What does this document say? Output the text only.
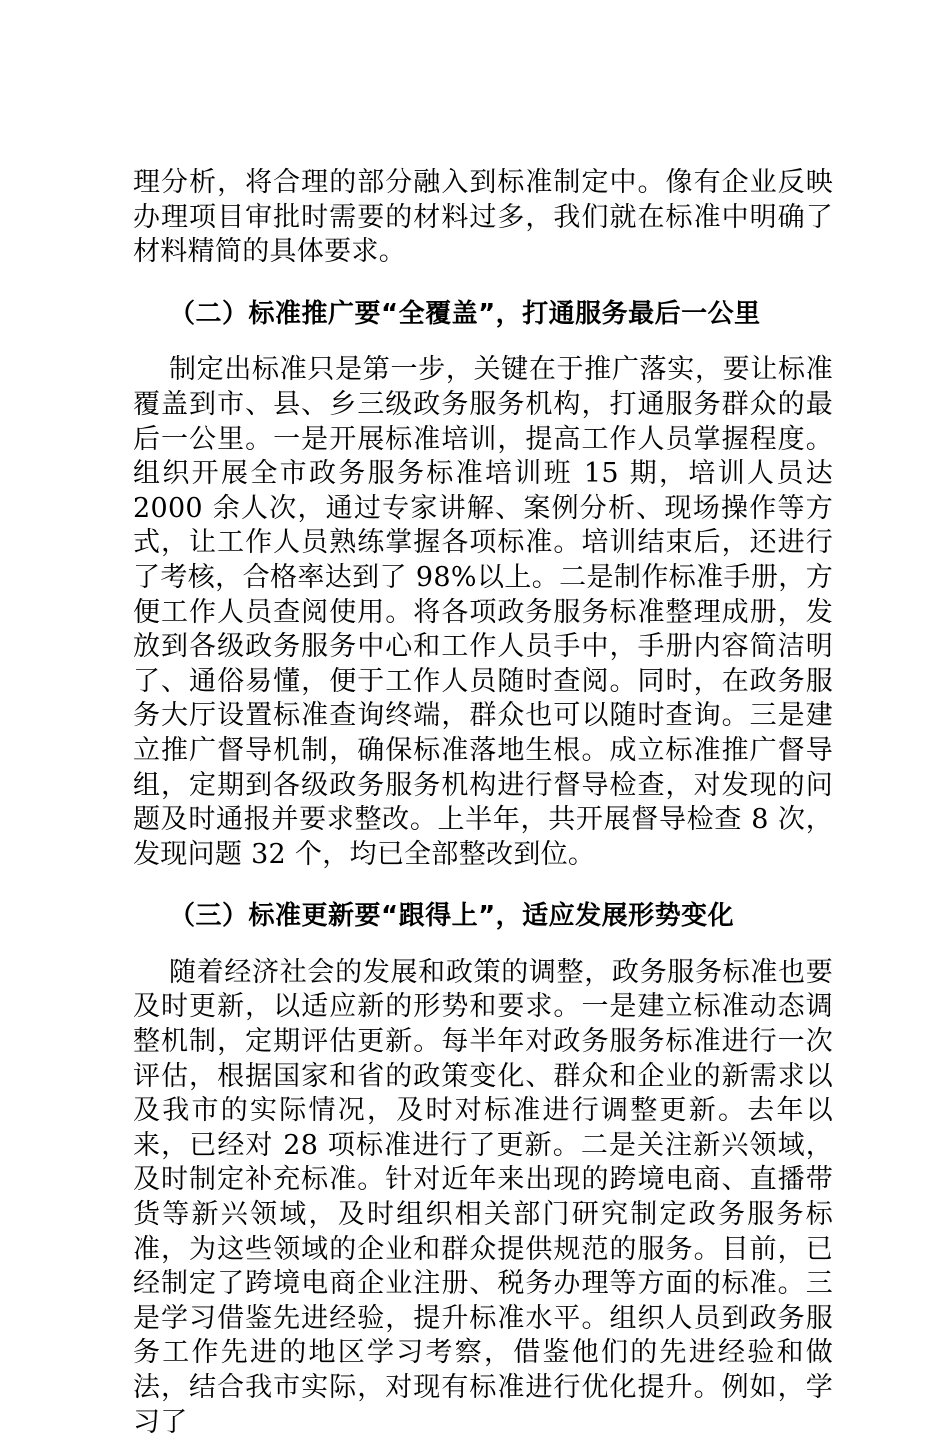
理分析，将合理的部分融入到标准制定中。像有企业反映办理项目审批时需要的材料过多，我们就在标准中明确了材料精简的具体要求。

（二）标准推广要“全覆盖”，打通服务最后一公里

制定出标准只是第一步，关键在于推广落实，要让标准覆盖到市、县、乡三级政务服务机构，打通服务群众的最后一公里。一是开展标准培训，提高工作人员掌握程度。组织开展全市政务服务标准培训班 15 期，培训人员达 2000 余人次，通过专家讲解、案例分析、现场操作等方式，让工作人员熟练掌握各项标准。培训结束后，还进行了考核，合格率达到了 98%以上。二是制作标准手册，方便工作人员查阅使用。将各项政务服务标准整理成册，发放到各级政务服务中心和工作人员手中，手册内容简洁明了、通俗易懂，便于工作人员随时查阅。同时，在政务服务大厅设置标准查询终端，群众也可以随时查询。三是建立推广督导机制，确保标准落地生根。成立标准推广督导组，定期到各级政务服务机构进行督导检查，对发现的问题及时通报并要求整改。上半年，共开展督导检查 8 次，发现问题 32 个，均已全部整改到位。

（三）标准更新要“跟得上”，适应发展形势变化

随着经济社会的发展和政策的调整，政务服务标准也要及时更新，以适应新的形势和要求。一是建立标准动态调整机制，定期评估更新。每半年对政务服务标准进行一次评估，根据国家和省的政策变化、群众和企业的新需求以及我市的实际情况，及时对标准进行调整更新。去年以来，已经对 28 项标准进行了更新。二是关注新兴领域，及时制定补充标准。针对近年来出现的跨境电商、直播带货等新兴领域，及时组织相关部门研究制定政务服务标准，为这些领域的企业和群众提供规范的服务。目前，已经制定了跨境电商企业注册、税务办理等方面的标准。三是学习借鉴先进经验，提升标准水平。组织人员到政务服务工作先进的地区学习考察，借鉴他们的先进经验和做法，结合我市实际，对现有标准进行优化提升。例如，学习了
